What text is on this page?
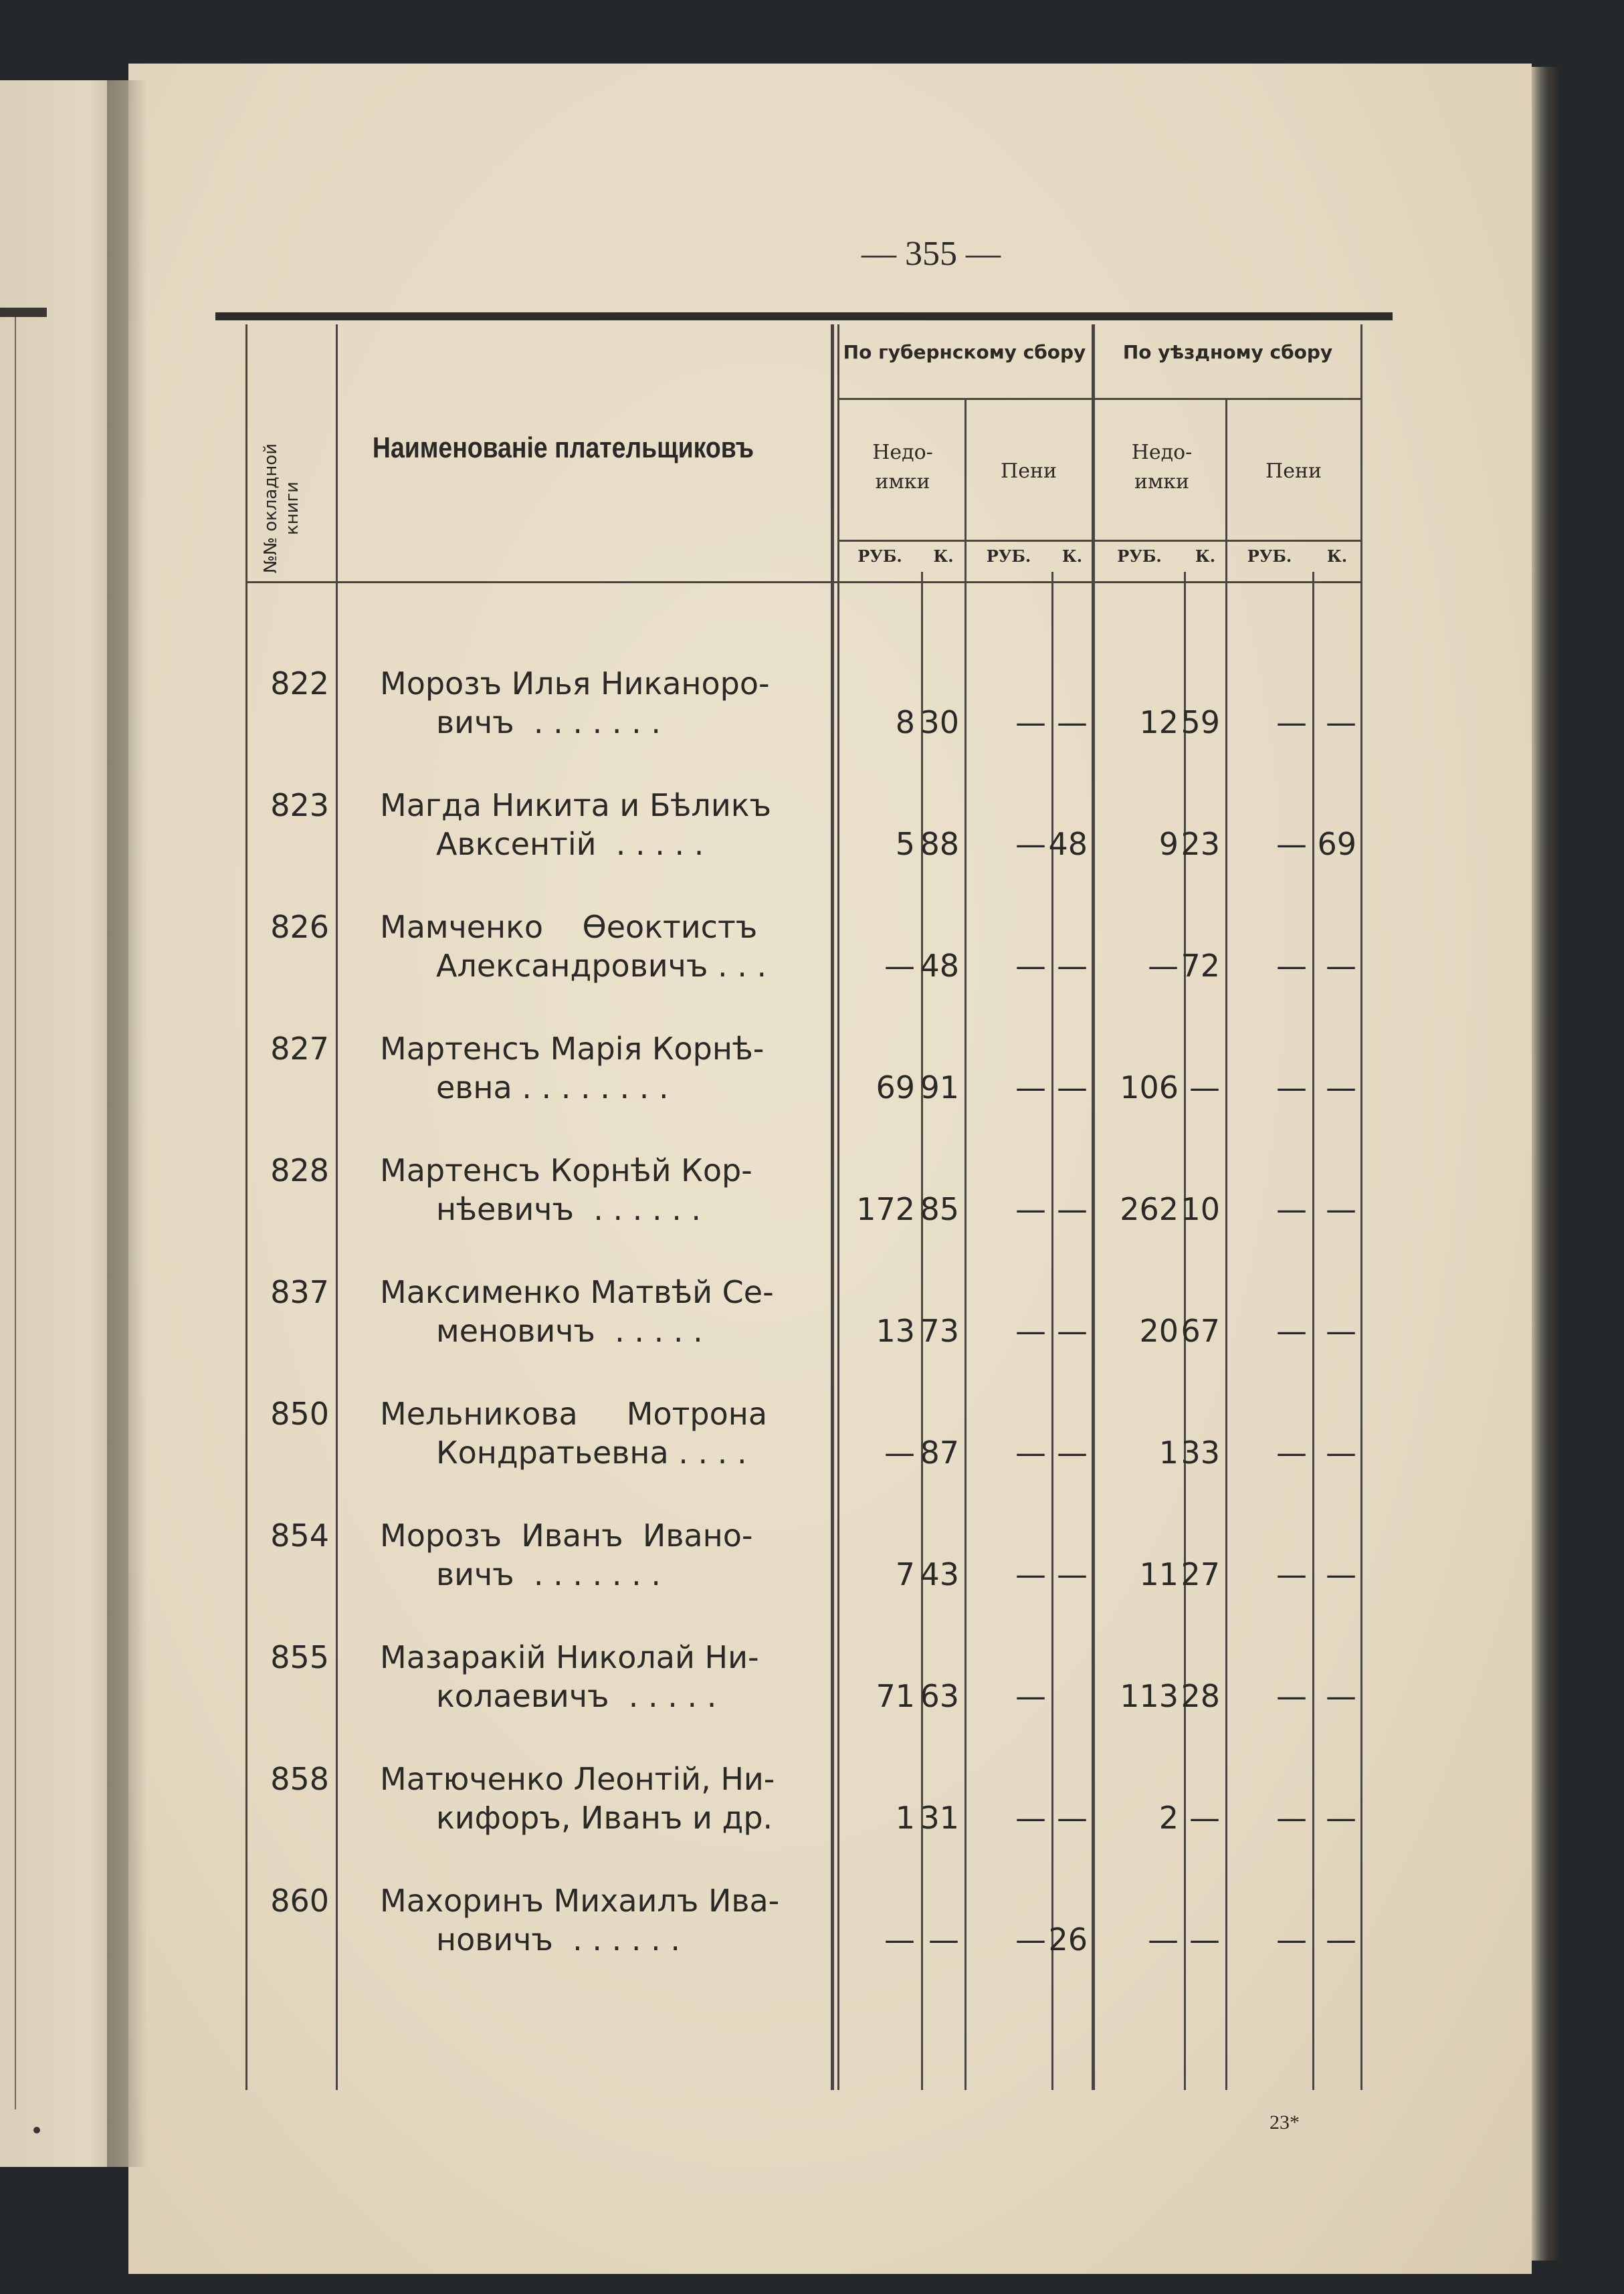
— 355 —
№№ окладной книги
Наименованіе плательщиковъ
По губернскому сбору	По уѣздному сбору
Недо- имки	Пени
Недо- имки	Пени
РУБ.	К.	РУБ.	К.	РУБ.	К.	РУБ.	К.
822 Морозъ Илья Никаноро-
вичъ  . . . . . . .	8 30	— —	12 59	— —
823 Магда Никита и Бѣликъ
Авксентій  . . . . .	5 88	— 48	9 23	— 69
826 Мамченко    Ѳеоктистъ
Александровичъ . . .	— 48	— —	— 72	— —
827 Мартенсъ Марія Корнѣ-
евна . . . . . . . .	69 91	— —	106 —	— —
828 Мартенсъ Корнѣй Кор-
нѣевичъ  . . . . . .	172 85	— —	262 10	— —
837 Максименко Матвѣй Се-
меновичъ  . . . . .	13 73	— —	20 67	— —
850 Мельникова     Мотрона
Кондратьевна . . . .	— 87	— —	1 33	— —
854 Морозъ  Иванъ  Ивано-
вичъ  . . . . . . .	7 43	— —	11 27	— —
855 Мазаракій Николай Ни-
колаевичъ  . . . . .	71 63	—	113 28	— —
858 Матюченко Леонтій, Ни-
кифоръ, Иванъ и др.	1 31	— —	2 —	— —
860 Махоринъ Михаилъ Ива-
новичъ  . . . . . .	— —	— 26	— —	— —
23*
